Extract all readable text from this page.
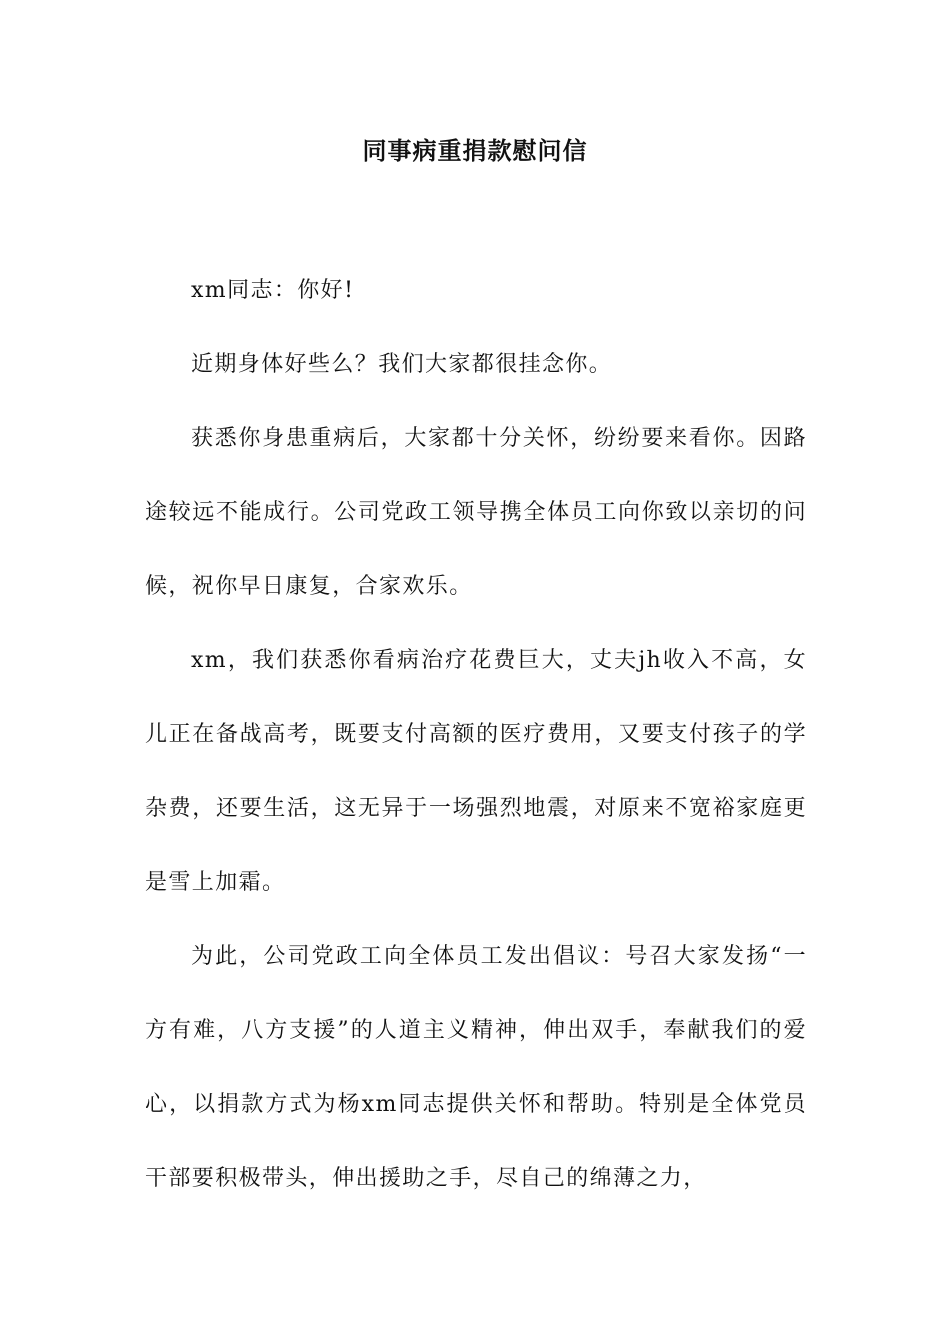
同事病重捐款慰问信

xm同志：你好!

近期身体好些么？我们大家都很挂念你。

获悉你身患重病后，大家都十分关怀，纷纷要来看你。因路途较远不能成行。公司党政工领导携全体员工向你致以亲切的问候，祝你早日康复，合家欢乐。

xm，我们获悉你看病治疗花费巨大，丈夫jh收入不高，女儿正在备战高考，既要支付高额的医疗费用，又要支付孩子的学杂费，还要生活，这无异于一场强烈地震，对原来不宽裕家庭更是雪上加霜。

为此，公司党政工向全体员工发出倡议：号召大家发扬“一方有难，八方支援”的人道主义精神，伸出双手，奉献我们的爱心，以捐款方式为杨xm同志提供关怀和帮助。特别是全体党员干部要积极带头，伸出援助之手，尽自己的绵薄之力，
